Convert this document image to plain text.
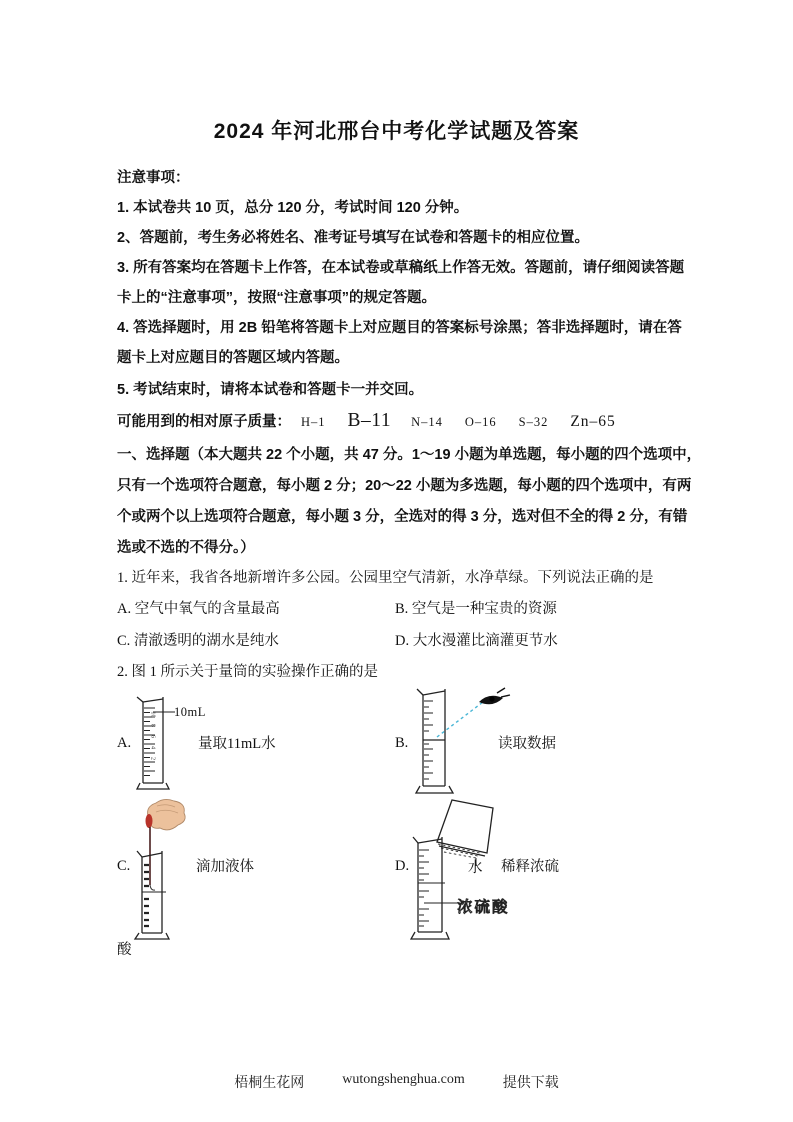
2024 年河北邢台中考化学试题及答案
注意事项：
1. 本试卷共 10 页，总分 120 分，考试时间 120 分钟。
2、答题前，考生务必将姓名、准考证号填写在试卷和答题卡的相应位置。
3. 所有答案均在答题卡上作答，在本试卷或草稿纸上作答无效。答题前，请仔细阅读答题
卡上的“注意事项”，按照“注意事项”的规定答题。
4. 答选择题时，用 2B 铅笔将答题卡上对应题目的答案标号涂黑；答非选择题时，请在答
题卡上对应题目的答题区域内答题。
5. 考试结束时，请将本试卷和答题卡一并交回。
可能用到的相对原子质量： H–1 B–11 N–14 O–16 S–32 Zn–65
一、选择题（本大题共 22 个小题，共 47 分。1～19 小题为单选题，每小题的四个选项中，
只有一个选项符合题意，每小题 2 分；20～22 小题为多选题，每小题的四个选项中，有两
个或两个以上选项符合题意，每小题 3 分，全选对的得 3 分，选对但不全的得 2 分，有错
选或不选的不得分。）
1. 近年来，我省各地新增许多公园。公园里空气清新，水净草绿。下列说法正确的是
A. 空气中氧气的含量最高	B. 空气是一种宝贵的资源
C. 清澈透明的湖水是纯水	D. 大水漫灌比滴灌更节水
2. 图 1 所示关于量筒的实验操作正确的是
A.
10
8
6
4
2
10mL
量取11mL水	B.	读取数据
C.	滴加液体	D.	水 稀释浓硫
浓硫酸
酸
梧桐生花网	wutongshenghua.com	提供下载
